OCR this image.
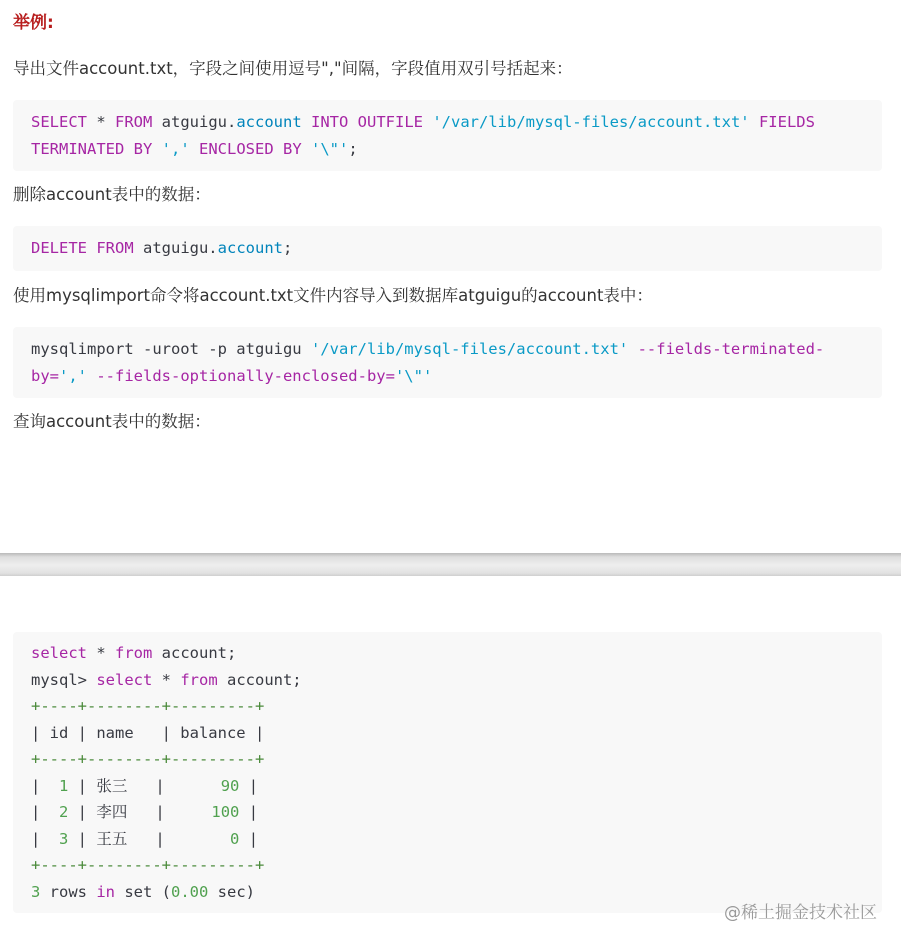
举例:

导出文件account.txt，字段之间使用逗号","间隔，字段值用双引号括起来：

SELECT * FROM atguigu.account INTO OUTFILE '/var/lib/mysql-files/account.txt' FIELDS
TERMINATED BY ',' ENCLOSED BY '\"';

删除account表中的数据：

DELETE FROM atguigu.account;

使用mysqlimport命令将account.txt文件内容导入到数据库atguigu的account表中：

mysqlimport -uroot -p atguigu '/var/lib/mysql-files/account.txt' --fields-terminated-
by=',' --fields-optionally-enclosed-by='\"'

查询account表中的数据：

select * from account;
mysql> select * from account;
+----+--------+---------+
| id | name   | balance |
+----+--------+---------+
|  1 | 张三   |      90 |
|  2 | 李四   |     100 |
|  3 | 王五   |       0 |
+----+--------+---------+
3 rows in set (0.00 sec)
@稀土掘金技术社区
